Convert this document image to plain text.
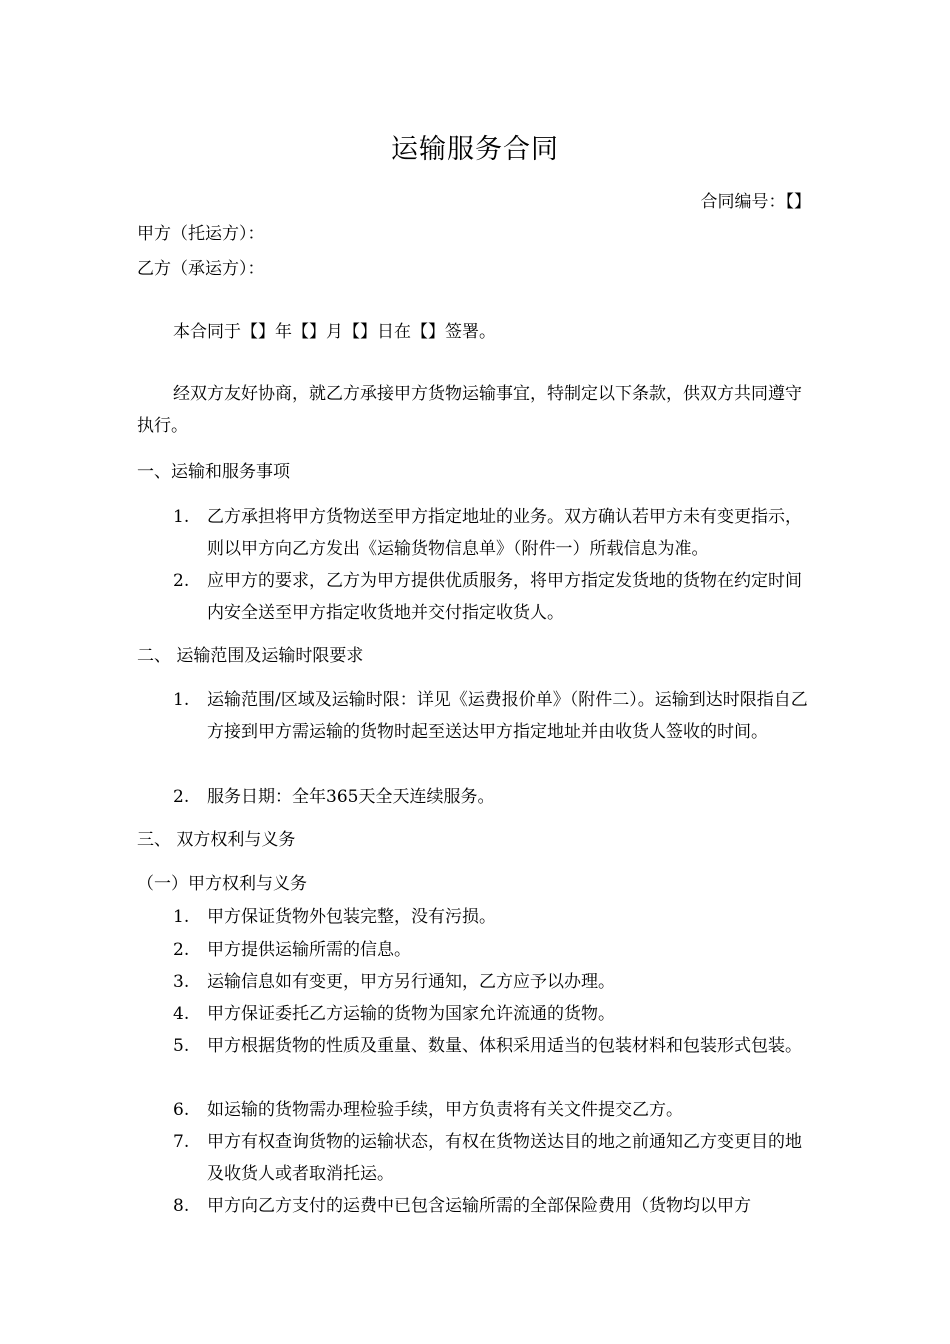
运输服务合同
合同编号：【】
甲方（托运方）：
乙方（承运方）：
本合同于【】年【】月【】日在【】签署。
经双方友好协商，就乙方承接甲方货物运输事宜，特制定以下条款，供双方共同遵守执行。
一、运输和服务事项
1. 乙方承担将甲方货物送至甲方指定地址的业务。双方确认若甲方未有变更指示，则以甲方向乙方发出《运输货物信息单》（附件一）所载信息为准。
2. 应甲方的要求，乙方为甲方提供优质服务，将甲方指定发货地的货物在约定时间内安全送至甲方指定收货地并交付指定收货人。
二、 运输范围及运输时限要求
1. 运输范围/区域及运输时限：详见《运费报价单》（附件二）。运输到达时限指自乙方接到甲方需运输的货物时起至送达甲方指定地址并由收货人签收的时间。
2. 服务日期：全年365天全天连续服务。
三、 双方权利与义务
（一）甲方权利与义务
1. 甲方保证货物外包装完整，没有污损。
2. 甲方提供运输所需的信息。
3. 运输信息如有变更，甲方另行通知，乙方应予以办理。
4. 甲方保证委托乙方运输的货物为国家允许流通的货物。
5. 甲方根据货物的性质及重量、数量、体积采用适当的包装材料和包装形式包装。
6. 如运输的货物需办理检验手续，甲方负责将有关文件提交乙方。
7. 甲方有权查询货物的运输状态，有权在货物送达目的地之前通知乙方变更目的地及收货人或者取消托运。
8. 甲方向乙方支付的运费中已包含运输所需的全部保险费用（货物均以甲方
